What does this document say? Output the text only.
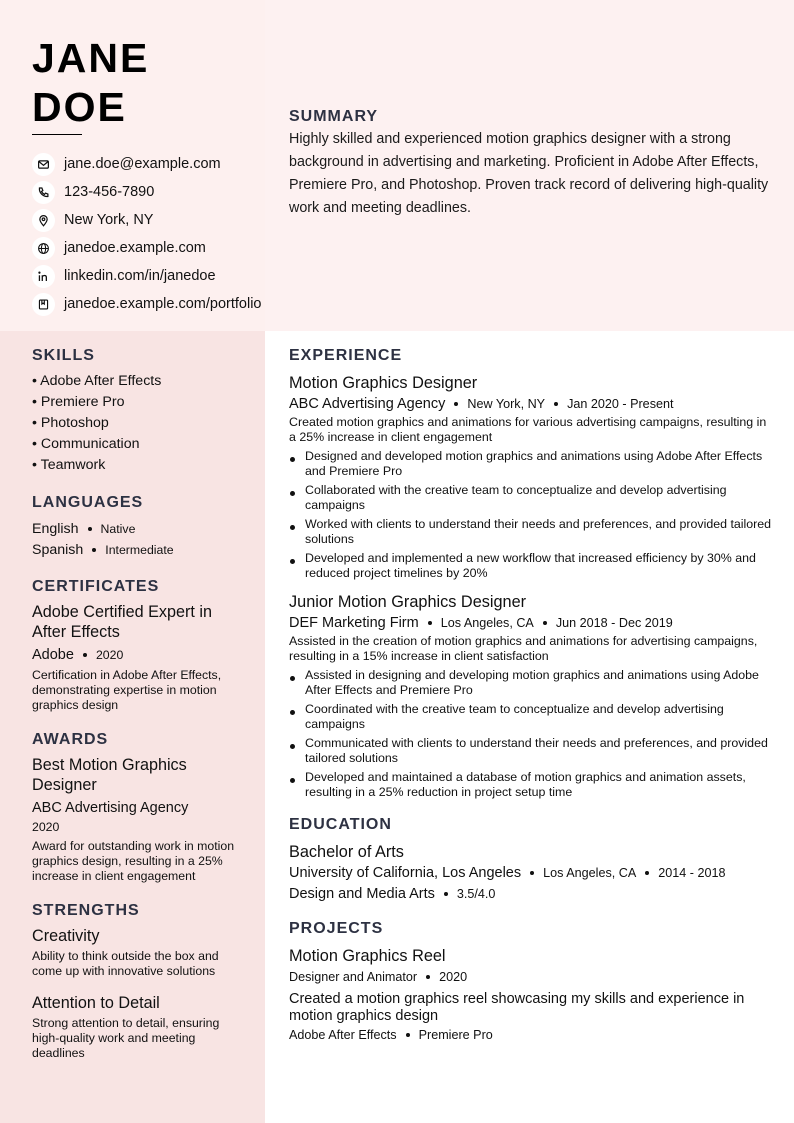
JANE
DOE
jane.doe@example.com
123-456-7890
New York, NY
janedoe.example.com
linkedin.com/in/janedoe
janedoe.example.com/portfolio
SUMMARY

Highly skilled and experienced motion graphics designer with a strong background in advertising and marketing. Proficient in Adobe After Effects, Premiere Pro, and Photoshop. Proven track record of delivering high-quality work and meeting deadlines.

SKILLS
• Adobe After Effects
• Premiere Pro
• Photoshop
• Communication
• Teamwork
LANGUAGES
English Native
Spanish Intermediate
CERTIFICATES
Adobe Certified Expert in After Effects
Adobe 2020
Certification in Adobe After Effects, demonstrating expertise in motion graphics design
AWARDS
Best Motion Graphics Designer
ABC Advertising Agency
2020
Award for outstanding work in motion graphics design, resulting in a 25% increase in client engagement
STRENGTHS
Creativity
Ability to think outside the box and come up with innovative solutions
Attention to Detail
Strong attention to detail, ensuring high-quality work and meeting deadlines
EXPERIENCE
Motion Graphics Designer
ABC Advertising Agency New York, NY Jan 2020 - Present
Created motion graphics and animations for various advertising campaigns, resulting in a 25% increase in client engagement
Designed and developed motion graphics and animations using Adobe After Effects and Premiere Pro
Collaborated with the creative team to conceptualize and develop advertising campaigns
Worked with clients to understand their needs and preferences, and provided tailored solutions
Developed and implemented a new workflow that increased efficiency by 30% and reduced project timelines by 20%
Junior Motion Graphics Designer
DEF Marketing Firm Los Angeles, CA Jun 2018 - Dec 2019
Assisted in the creation of motion graphics and animations for advertising campaigns, resulting in a 15% increase in client satisfaction
Assisted in designing and developing motion graphics and animations using Adobe After Effects and Premiere Pro
Coordinated with the creative team to conceptualize and develop advertising campaigns
Communicated with clients to understand their needs and preferences, and provided tailored solutions
Developed and maintained a database of motion graphics and animation assets, resulting in a 25% reduction in project setup time
EDUCATION
Bachelor of Arts
University of California, Los Angeles Los Angeles, CA 2014 - 2018
Design and Media Arts 3.5/4.0
PROJECTS
Motion Graphics Reel
Designer and Animator 2020
Created a motion graphics reel showcasing my skills and experience in motion graphics design
Adobe After Effects Premiere Pro
